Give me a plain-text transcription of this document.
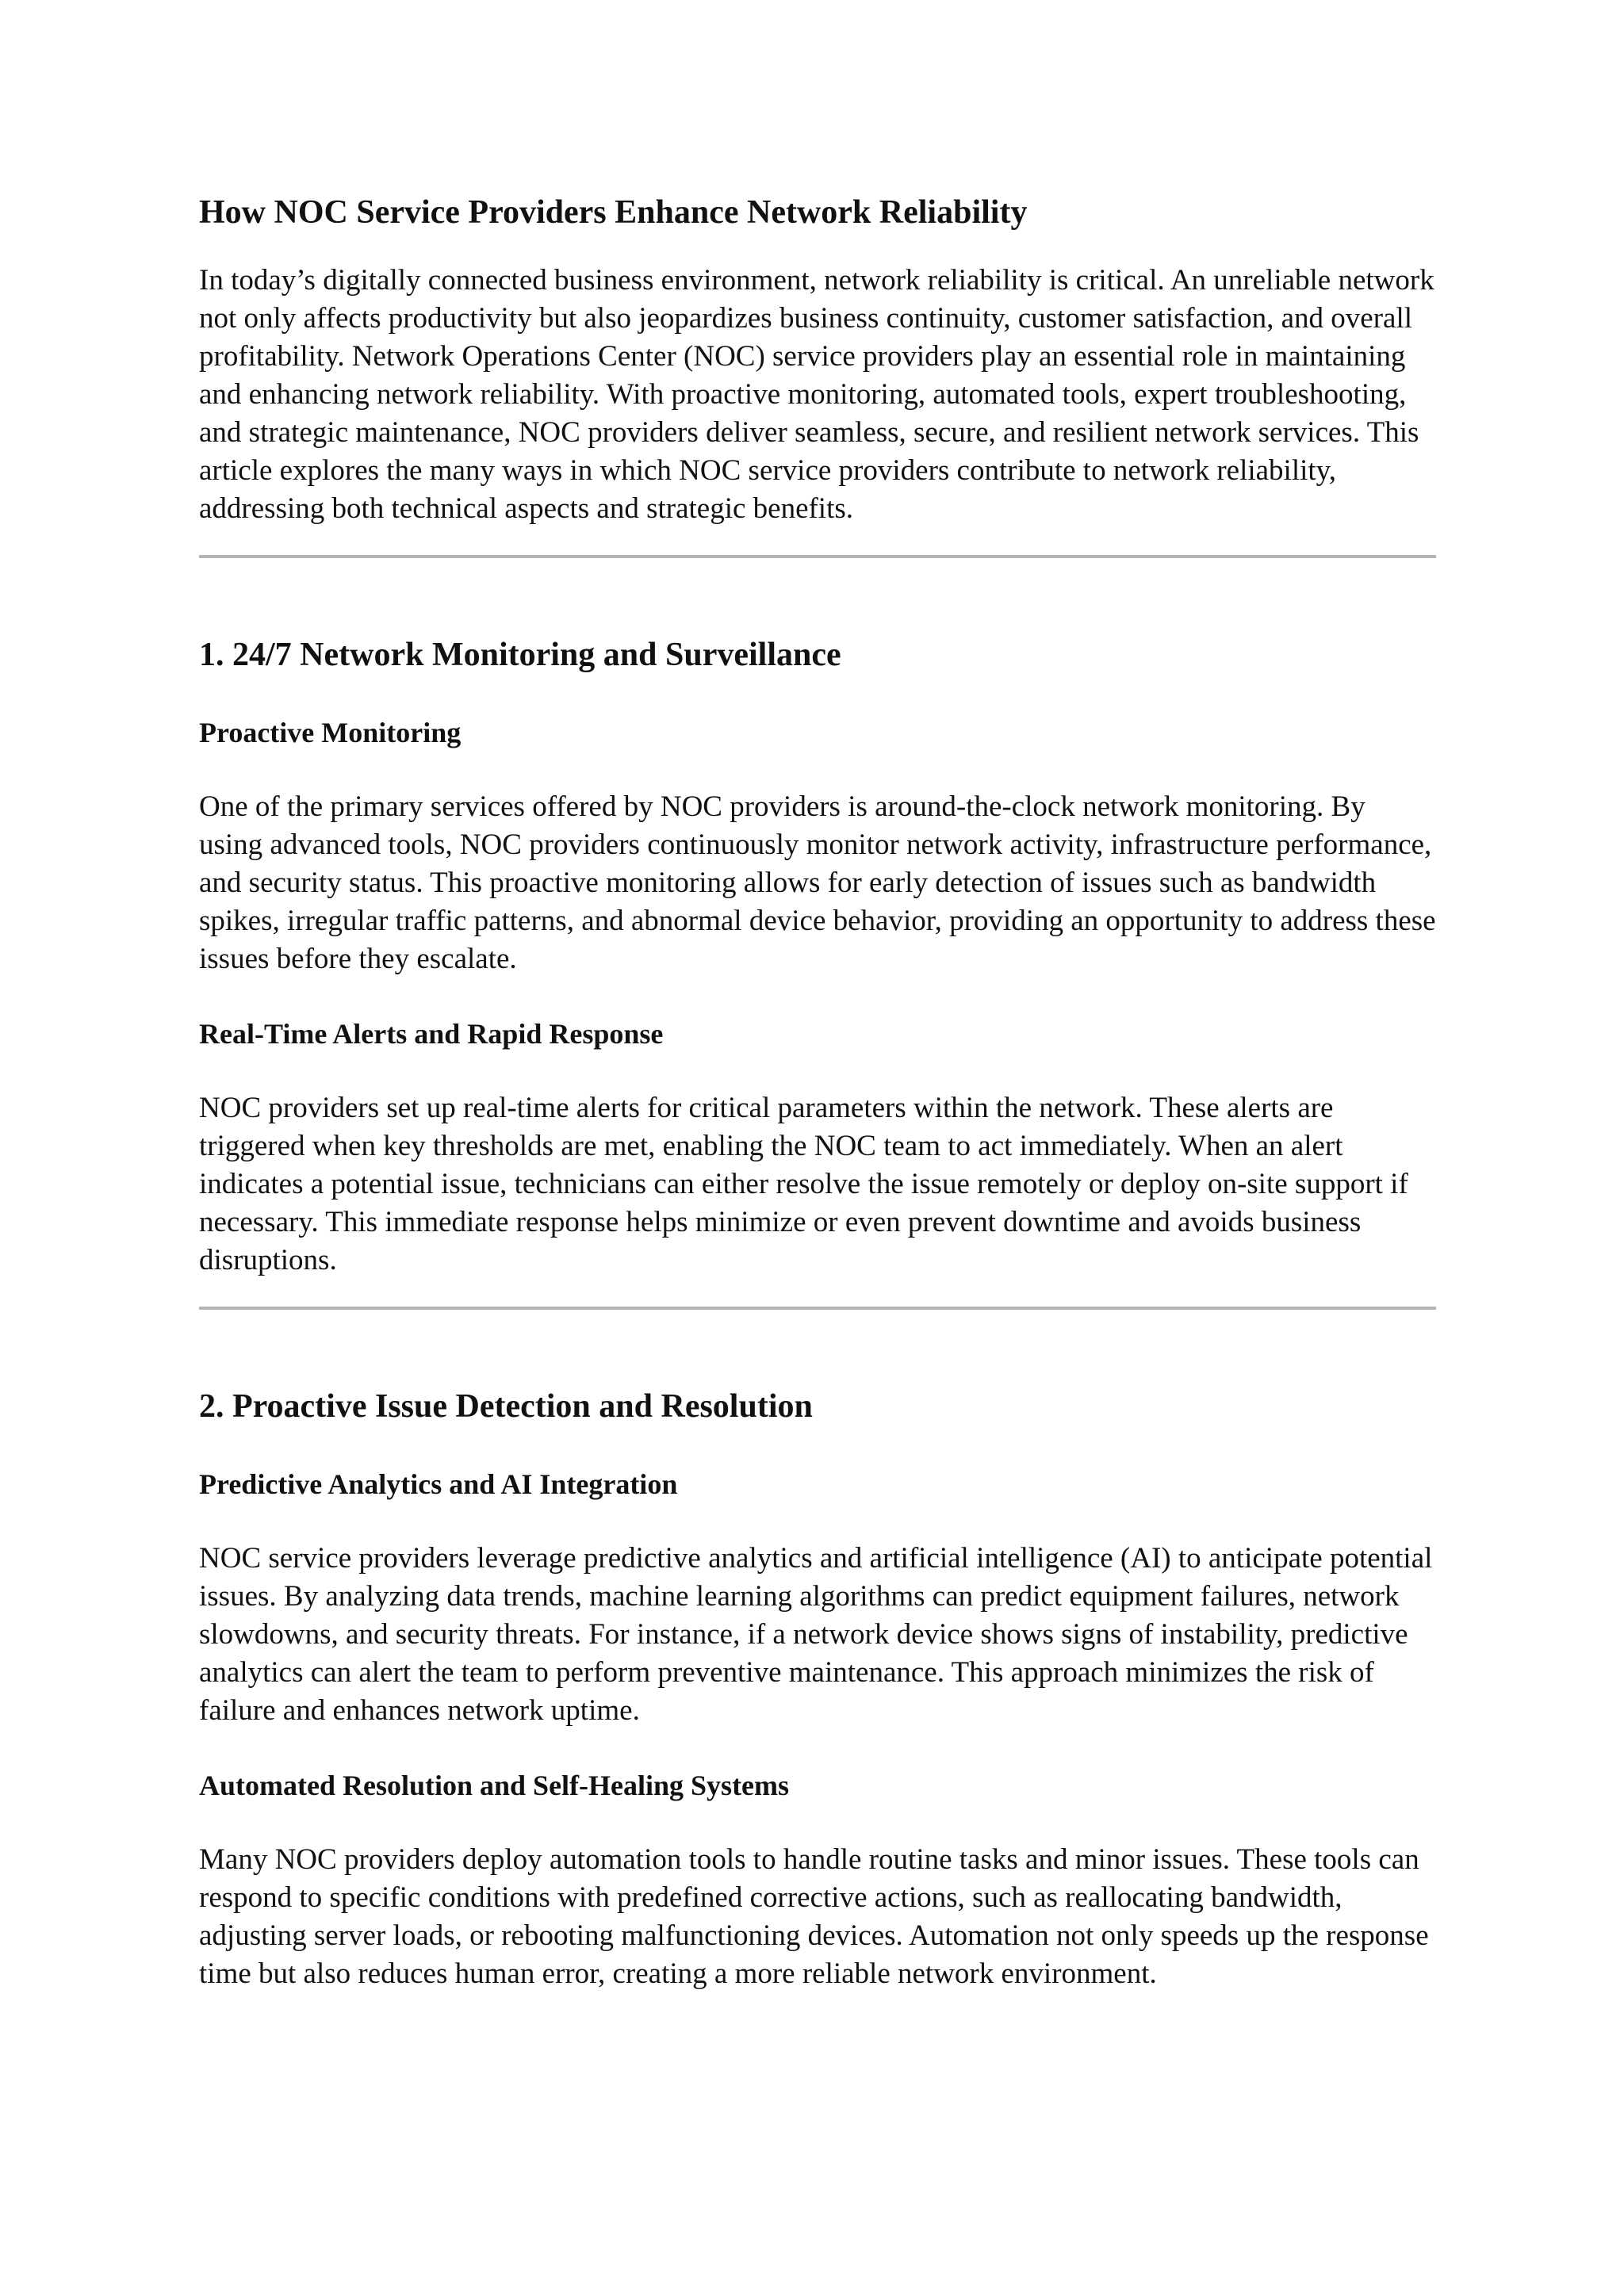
How NOC Service Providers Enhance Network Reliability

In today’s digitally connected business environment, network reliability is critical. An unreliable network not only affects productivity but also jeopardizes business continuity, customer satisfaction, and overall profitability. Network Operations Center (NOC) service providers play an essential role in maintaining and enhancing network reliability. With proactive monitoring, automated tools, expert troubleshooting, and strategic maintenance, NOC providers deliver seamless, secure, and resilient network services. This article explores the many ways in which NOC service providers contribute to network reliability, addressing both technical aspects and strategic benefits.

1. 24/7 Network Monitoring and Surveillance
Proactive Monitoring

One of the primary services offered by NOC providers is around-the-clock network monitoring. By using advanced tools, NOC providers continuously monitor network activity, infrastructure performance, and security status. This proactive monitoring allows for early detection of issues such as bandwidth spikes, irregular traffic patterns, and abnormal device behavior, providing an opportunity to address these issues before they escalate.

Real-Time Alerts and Rapid Response

NOC providers set up real-time alerts for critical parameters within the network. These alerts are triggered when key thresholds are met, enabling the NOC team to act immediately. When an alert indicates a potential issue, technicians can either resolve the issue remotely or deploy on-site support if necessary. This immediate response helps minimize or even prevent downtime and avoids business disruptions.

2. Proactive Issue Detection and Resolution
Predictive Analytics and AI Integration

NOC service providers leverage predictive analytics and artificial intelligence (AI) to anticipate potential issues. By analyzing data trends, machine learning algorithms can predict equipment failures, network slowdowns, and security threats. For instance, if a network device shows signs of instability, predictive analytics can alert the team to perform preventive maintenance. This approach minimizes the risk of failure and enhances network uptime.

Automated Resolution and Self-Healing Systems

Many NOC providers deploy automation tools to handle routine tasks and minor issues. These tools can respond to specific conditions with predefined corrective actions, such as reallocating bandwidth, adjusting server loads, or rebooting malfunctioning devices. Automation not only speeds up the response time but also reduces human error, creating a more reliable network environment.
